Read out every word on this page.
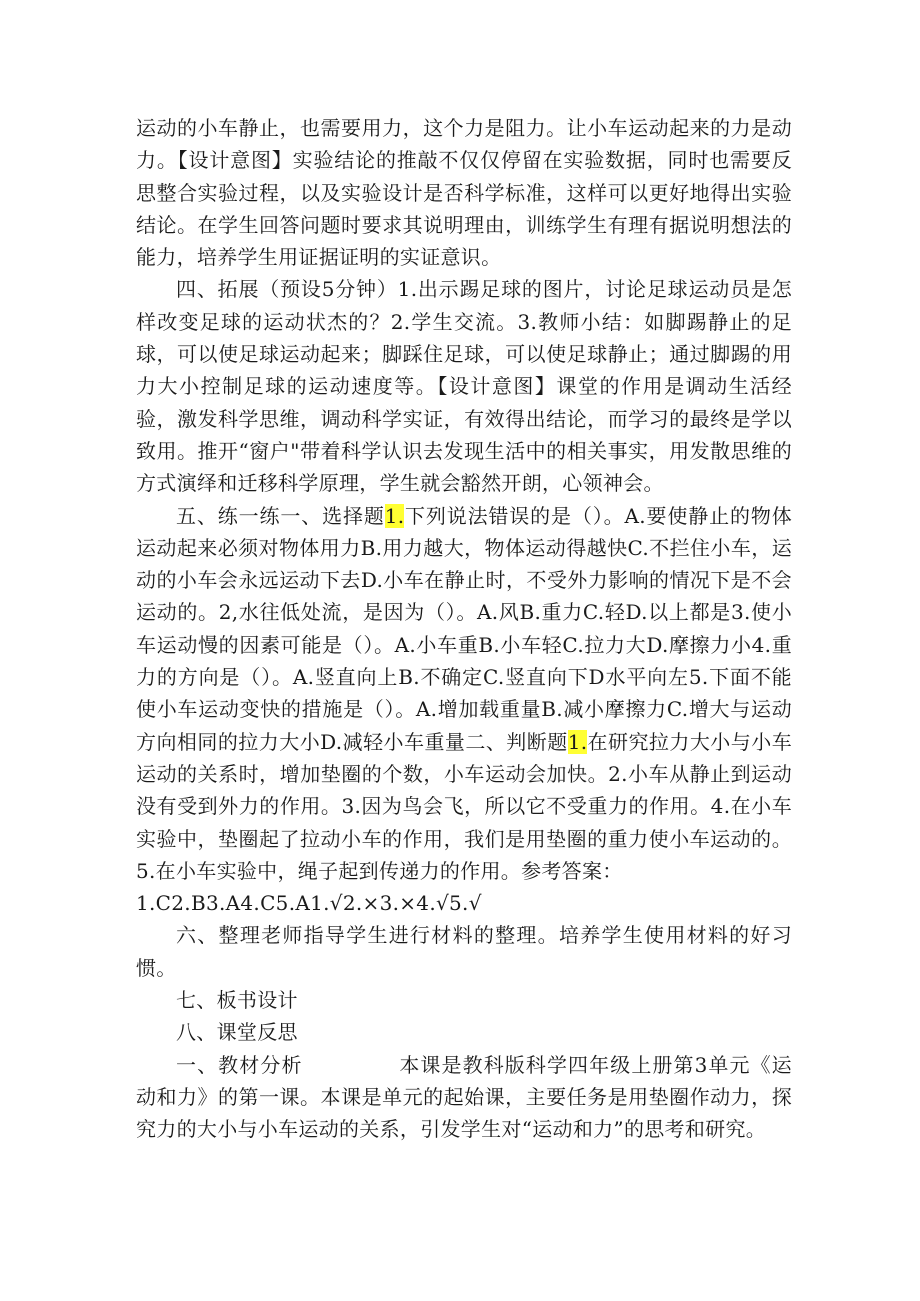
运动的小车静止，也需要用力，这个力是阻力。让小车运动起来的力是动力。【设计意图】实验结论的推敲不仅仅停留在实验数据，同时也需要反思整合实验过程，以及实验设计是否科学标准，这样可以更好地得出实验结论。在学生回答问题时要求其说明理由，训练学生有理有据说明想法的能力，培养学生用证据证明的实证意识。

四、拓展（预设5分钟）1.出示踢足球的图片，讨论足球运动员是怎样改变足球的运动状杰的？2.学生交流。3.教师小结：如脚踢静止的足球，可以使足球运动起来；脚踩住足球，可以使足球静止；通过脚踢的用力大小控制足球的运动速度等。【设计意图】课堂的作用是调动生活经验，激发科学思维，调动科学实证，有效得出结论，而学习的最终是学以致用。推开“窗户"带着科学认识去发现生活中的相关事实，用发散思维的方式演绎和迁移科学原理，学生就会豁然开朗，心领神会。

五、练一练一、选择题1.下列说法错误的是（）。A.要使静止的物体运动起来必须对物体用力B.用力越大，物体运动得越快C.不拦住小车，运动的小车会永远运动下去D.小车在静止时，不受外力影响的情况下是不会运动的。2,水往低处流，是因为（）。A.风B.重力C.轻D.以上都是3.使小车运动慢的因素可能是（）。A.小车重B.小车轻C.拉力大D.摩擦力小4.重力的方向是（）。A.竖直向上B.不确定C.竖直向下D水平向左5.下面不能使小车运动变快的措施是（）。A.增加载重量B.减小摩擦力C.增大与运动方向相同的拉力大小D.减轻小车重量二、判断题1.在研究拉力大小与小车运动的关系时，增加垫圈的个数，小车运动会加快。2.小车从静止到运动没有受到外力的作用。3.因为鸟会飞，所以它不受重力的作用。4.在小车实验中，垫圈起了拉动小车的作用，我们是用垫圈的重力使小车运动的。5.在小车实验中，绳子起到传递力的作用。参考答案：

1.C2.B3.A4.C5.A1.√2.×3.×4.√5.√

六、整理老师指导学生进行材料的整理。培养学生使用材料的好习惯。

七、板书设计

八、课堂反思

一、教材分析	本课是教科版科学四年级上册第3单元《运动和力》的第一课。本课是单元的起始课，主要任务是用垫圈作动力，探究力的大小与小车运动的关系，引发学生对“运动和力”的思考和研究。
